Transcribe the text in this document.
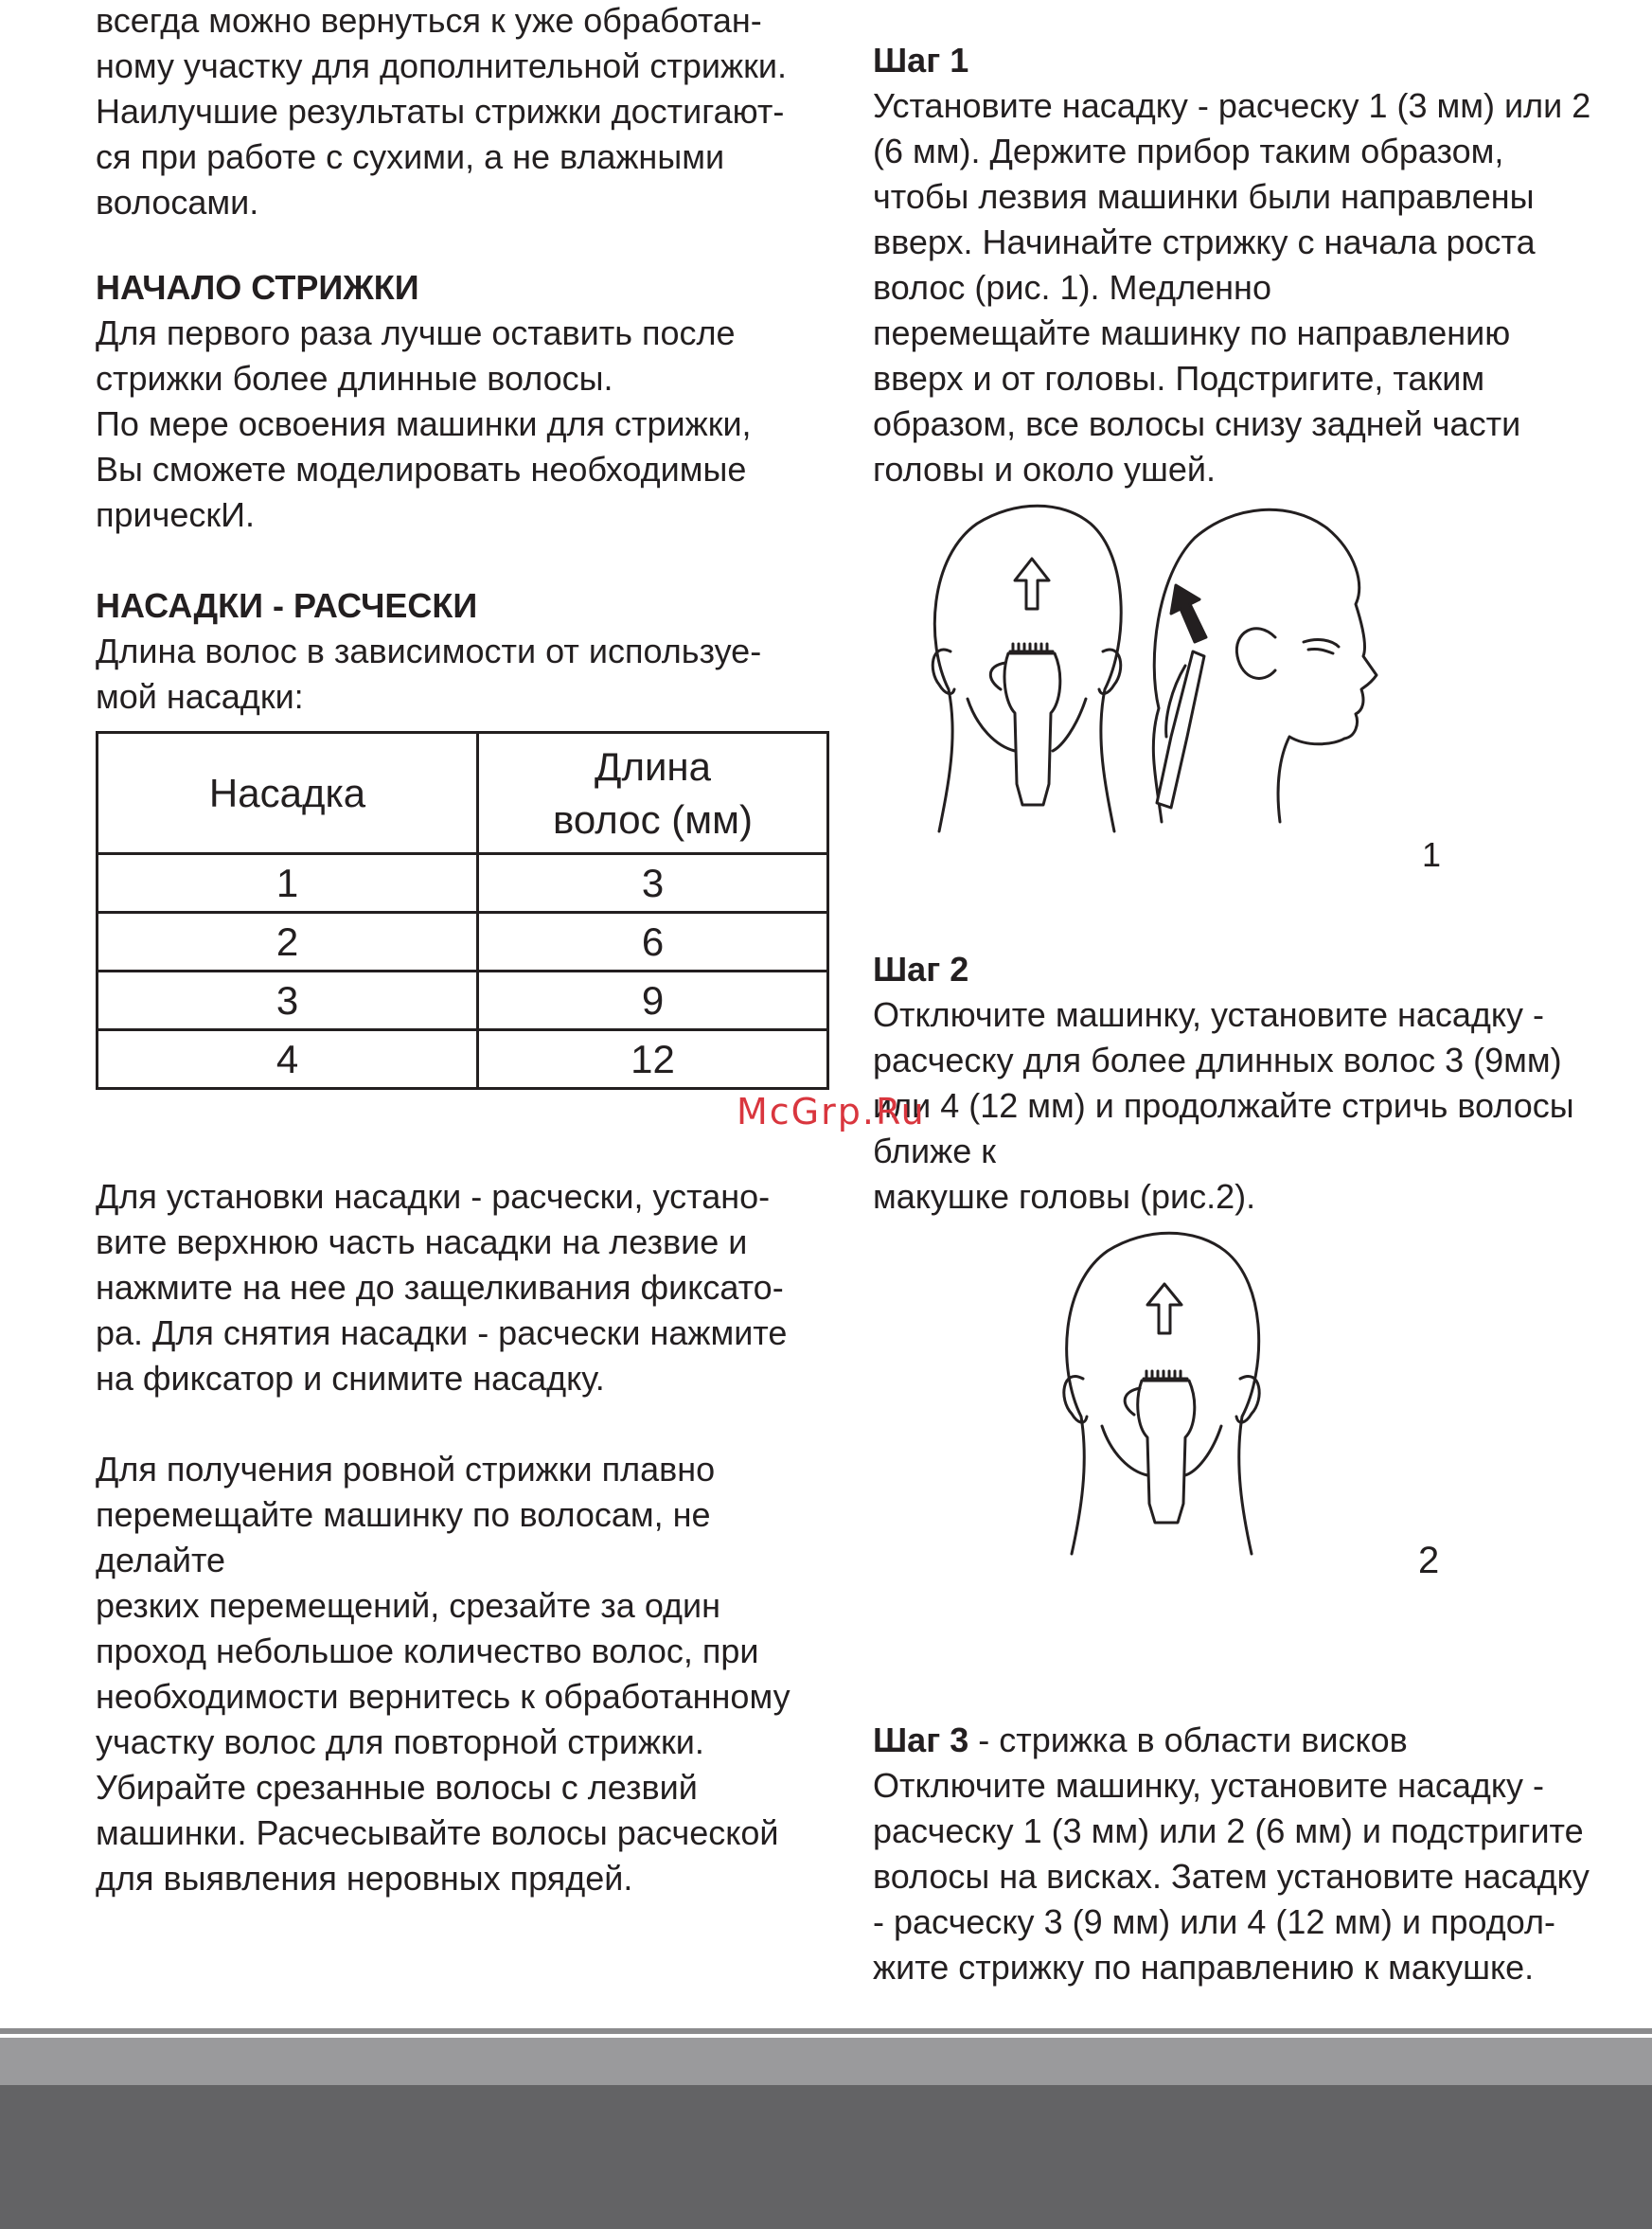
всегда можно вернуться к уже обработан-
ному участку для дополнительной стрижки.
Наилучшие результаты стрижки достигают-
ся при работе с сухими, а не влажными
волосами.
НАЧАЛО СТРИЖКИ
Для первого раза лучше оставить после
стрижки более длинные волосы.
По мере освоения машинки для стрижки,
Вы сможете моделировать необходимые
прическИ.
НАСАДКИ - РАСЧЕСКИ
Длина волос в зависимости от используе-
мой насадки:
Насадка	Длина
волос (мм)
1	3
2	6
3	9
4	12
Для установки насадки - расчески, устано-
вите верхнюю часть насадки на лезвие и
нажмите на нее до защелкивания фиксато-
ра. Для снятия насадки - расчески нажмите
на фиксатор и снимите насадку.
Для получения ровной стрижки плавно
перемещайте машинку по волосам, не
делайте
резких перемещений, срезайте за один
проход небольшое количество волос, при
необходимости вернитесь к обработанному
участку волос для повторной стрижки.
Убирайте срезанные волосы с лезвий
машинки. Расчесывайте волосы расческой
для выявления неровных прядей.
Шаг 1
Установите насадку - расческу 1 (3 мм) или 2
(6 мм). Держите прибор таким образом,
чтобы лезвия машинки были направлены
вверх. Начинайте стрижку с начала роста
волос (рис. 1). Медленно
перемещайте машинку по направлению
вверх и от головы. Подстригите, таким
образом, все волосы снизу задней части
головы и около ушей.
1
Шаг 2
Отключите машинку, установите насадку -
расческу для более длинных волос 3 (9мм)
или 4 (12 мм) и продолжайте стричь волосы
ближе к
макушке головы (рис.2).
2

Шаг 3 - стрижка в области висков

Отключите машинку, установите насадку -
расческу 1 (3 мм) или 2 (6 мм) и подстригите
волосы на висках. Затем установите насадку
- расческу 3 (9 мм) или 4 (12 мм) и продол-
жите стрижку по направлению к макушке.
McGrp.Ru
